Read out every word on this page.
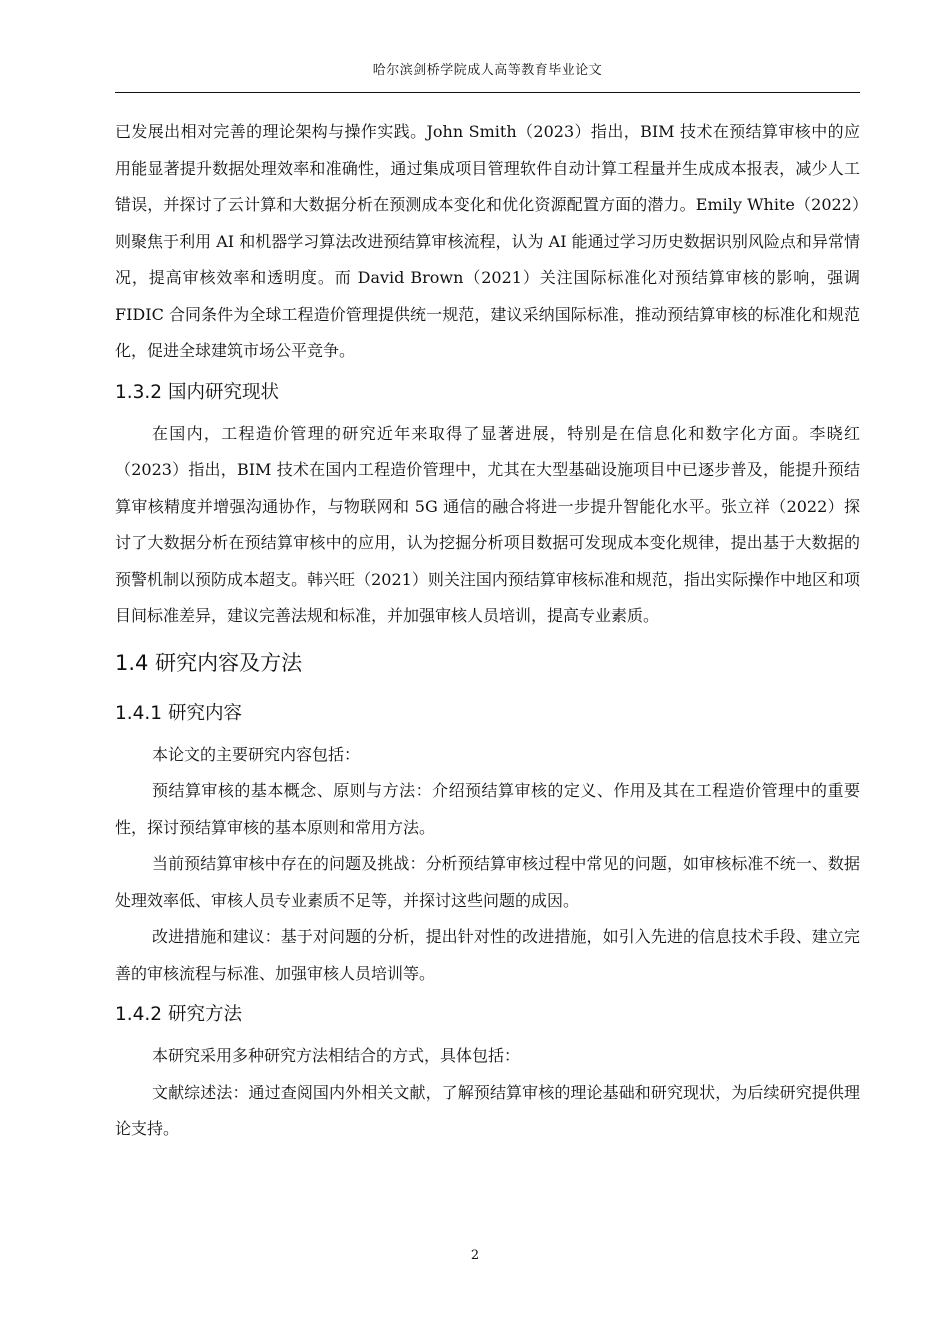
哈尔滨剑桥学院成人高等教育毕业论文

已发展出相对完善的理论架构与操作实践。John Smith（2023）指出，BIM 技术在预结算审核中的应用能显著提升数据处理效率和准确性，通过集成项目管理软件自动计算工程量并生成成本报表，减少人工错误，并探讨了云计算和大数据分析在预测成本变化和优化资源配置方面的潜力。Emily White（2022）则聚焦于利用 AI 和机器学习算法改进预结算审核流程，认为 AI 能通过学习历史数据识别风险点和异常情况，提高审核效率和透明度。而 David Brown（2021）关注国际标准化对预结算审核的影响，强调 FIDIC 合同条件为全球工程造价管理提供统一规范，建议采纳国际标准，推动预结算审核的标准化和规范化，促进全球建筑市场公平竞争。

1.3.2 国内研究现状

在国内，工程造价管理的研究近年来取得了显著进展，特别是在信息化和数字化方面。李晓红（2023）指出，BIM 技术在国内工程造价管理中，尤其在大型基础设施项目中已逐步普及，能提升预结算审核精度并增强沟通协作，与物联网和 5G 通信的融合将进一步提升智能化水平。张立祥（2022）探讨了大数据分析在预结算审核中的应用，认为挖掘分析项目数据可发现成本变化规律，提出基于大数据的预警机制以预防成本超支。韩兴旺（2021）则关注国内预结算审核标准和规范，指出实际操作中地区和项目间标准差异，建议完善法规和标准，并加强审核人员培训，提高专业素质。

1.4 研究内容及方法
1.4.1 研究内容

本论文的主要研究内容包括：

预结算审核的基本概念、原则与方法：介绍预结算审核的定义、作用及其在工程造价管理中的重要性，探讨预结算审核的基本原则和常用方法。

当前预结算审核中存在的问题及挑战：分析预结算审核过程中常见的问题，如审核标准不统一、数据处理效率低、审核人员专业素质不足等，并探讨这些问题的成因。

改进措施和建议：基于对问题的分析，提出针对性的改进措施，如引入先进的信息技术手段、建立完善的审核流程与标准、加强审核人员培训等。

1.4.2 研究方法

本研究采用多种研究方法相结合的方式，具体包括：

文献综述法：通过查阅国内外相关文献，了解预结算审核的理论基础和研究现状，为后续研究提供理论支持。

2
